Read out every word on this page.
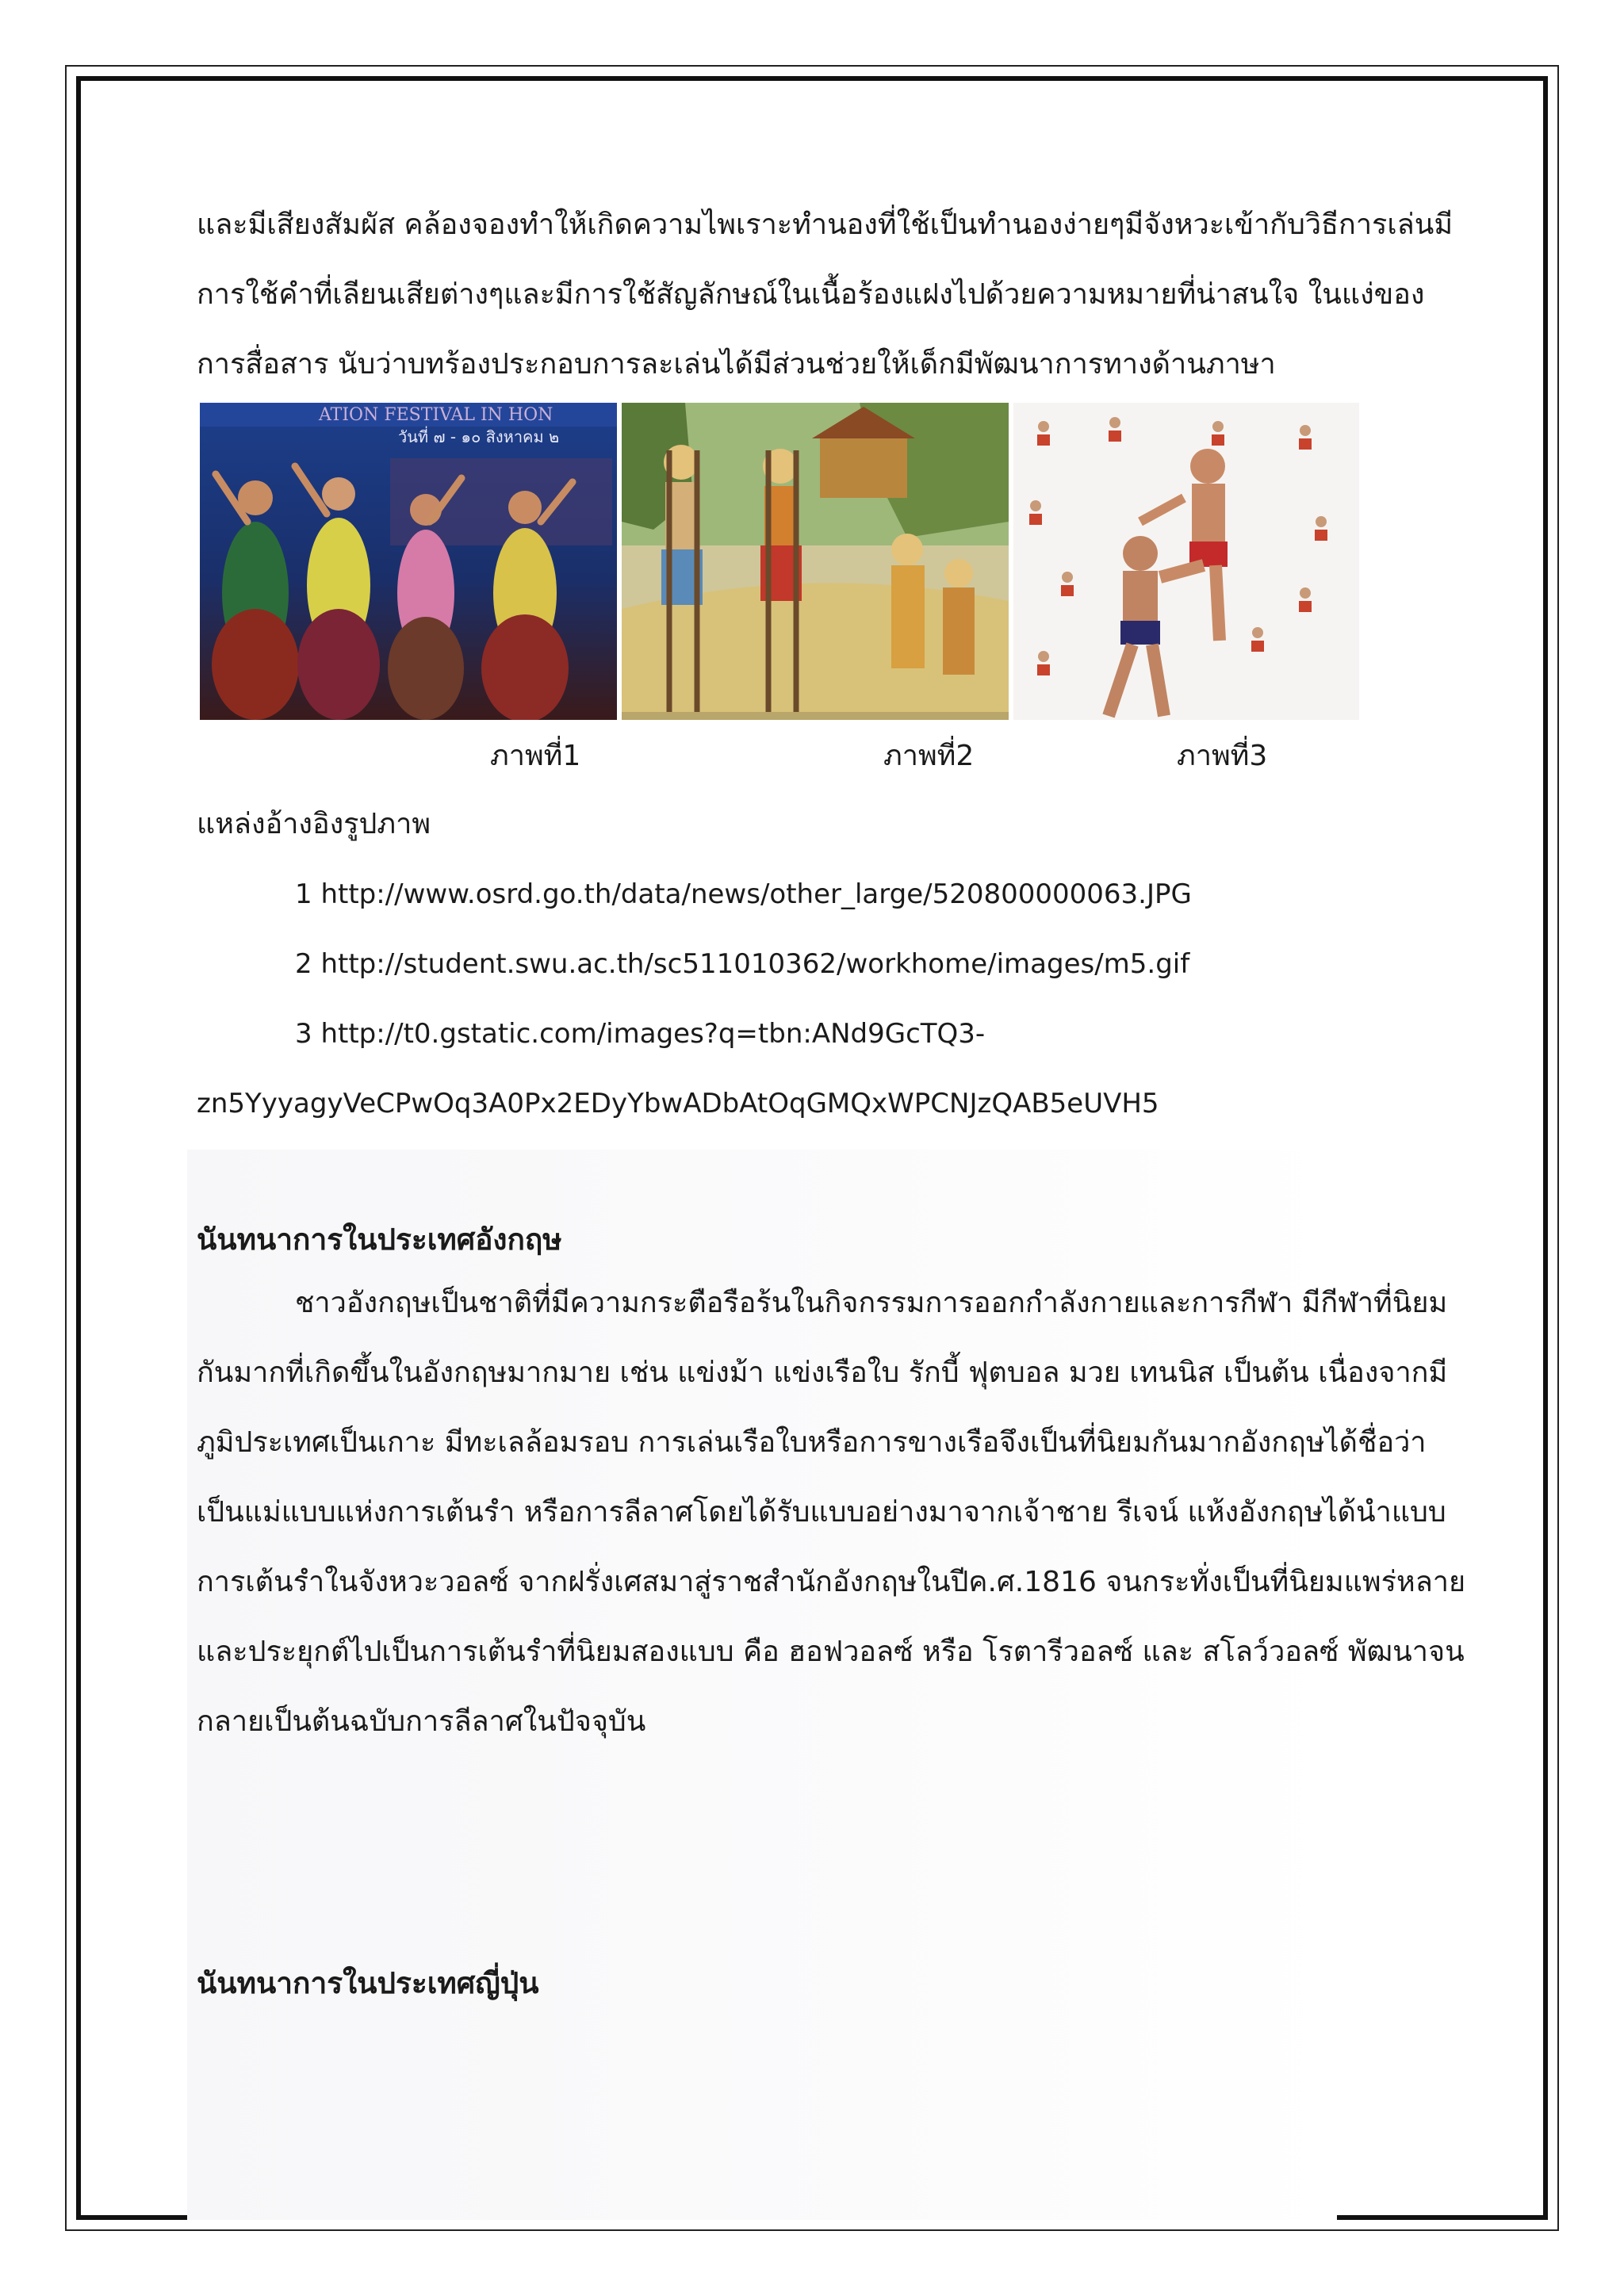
และมีเสียงสัมผัส คล้องจองทำให้เกิดความไพเราะทำนองที่ใช้เป็นทำนองง่ายๆมีจังหวะเข้ากับวิธีการเล่นมี
การใช้คำที่เลียนเสียต่างๆและมีการใช้สัญลักษณ์ในเนื้อร้องแฝงไปด้วยความหมายที่น่าสนใจ ในแง่ของ
การสื่อสาร นับว่าบทร้องประกอบการละเล่นได้มีส่วนช่วยให้เด็กมีพัฒนาการทางด้านภาษา
ATION FESTIVAL IN HON
วันที่ ๗ - ๑๐ สิงหาคม ๒
ภาพที่1	ภาพที่2	ภาพที่3
แหล่งอ้างอิงรูปภาพ
1 http://www.osrd.go.th/data/news/other_large/520800000063.JPG
2 http://student.swu.ac.th/sc511010362/workhome/images/m5.gif
3 http://t0.gstatic.com/images?q=tbn:ANd9GcTQ3-
zn5YyyagyVeCPwOq3A0Px2EDyYbwADbAtOqGMQxWPCNJzQAB5eUVH5
นันทนาการในประเทศอังกฤษ
ชาวอังกฤษเป็นชาติที่มีความกระตือรือร้นในกิจกรรมการออกกำลังกายและการกีฬา มีกีฬาที่นิยม
กันมากที่เกิดขึ้นในอังกฤษมากมาย เช่น แข่งม้า แข่งเรือใบ รักบี้ ฟุตบอล มวย เทนนิส เป็นต้น เนื่องจากมี
ภูมิประเทศเป็นเกาะ มีทะเลล้อมรอบ การเล่นเรือใบหรือการขางเรือจึงเป็นที่นิยมกันมากอังกฤษได้ชื่อว่า
เป็นแม่แบบแห่งการเต้นรำ หรือการลีลาศโดยได้รับแบบอย่างมาจากเจ้าชาย รีเจน์ แห้งอังกฤษได้นำแบบ
การเต้นรำในจังหวะวอลซ์ จากฝรั่งเศสมาสู่ราชสำนักอังกฤษในปีค.ศ.1816 จนกระทั่งเป็นที่นิยมแพร่หลาย
และประยุกต์ไปเป็นการเต้นรำที่นิยมสองแบบ คือ ฮอฟวอลซ์ หรือ โรตารีวอลซ์ และ สโลว์วอลซ์ พัฒนาจน
กลายเป็นต้นฉบับการลีลาศในปัจจุบัน
นันทนาการในประเทศญี่ปุ่น
